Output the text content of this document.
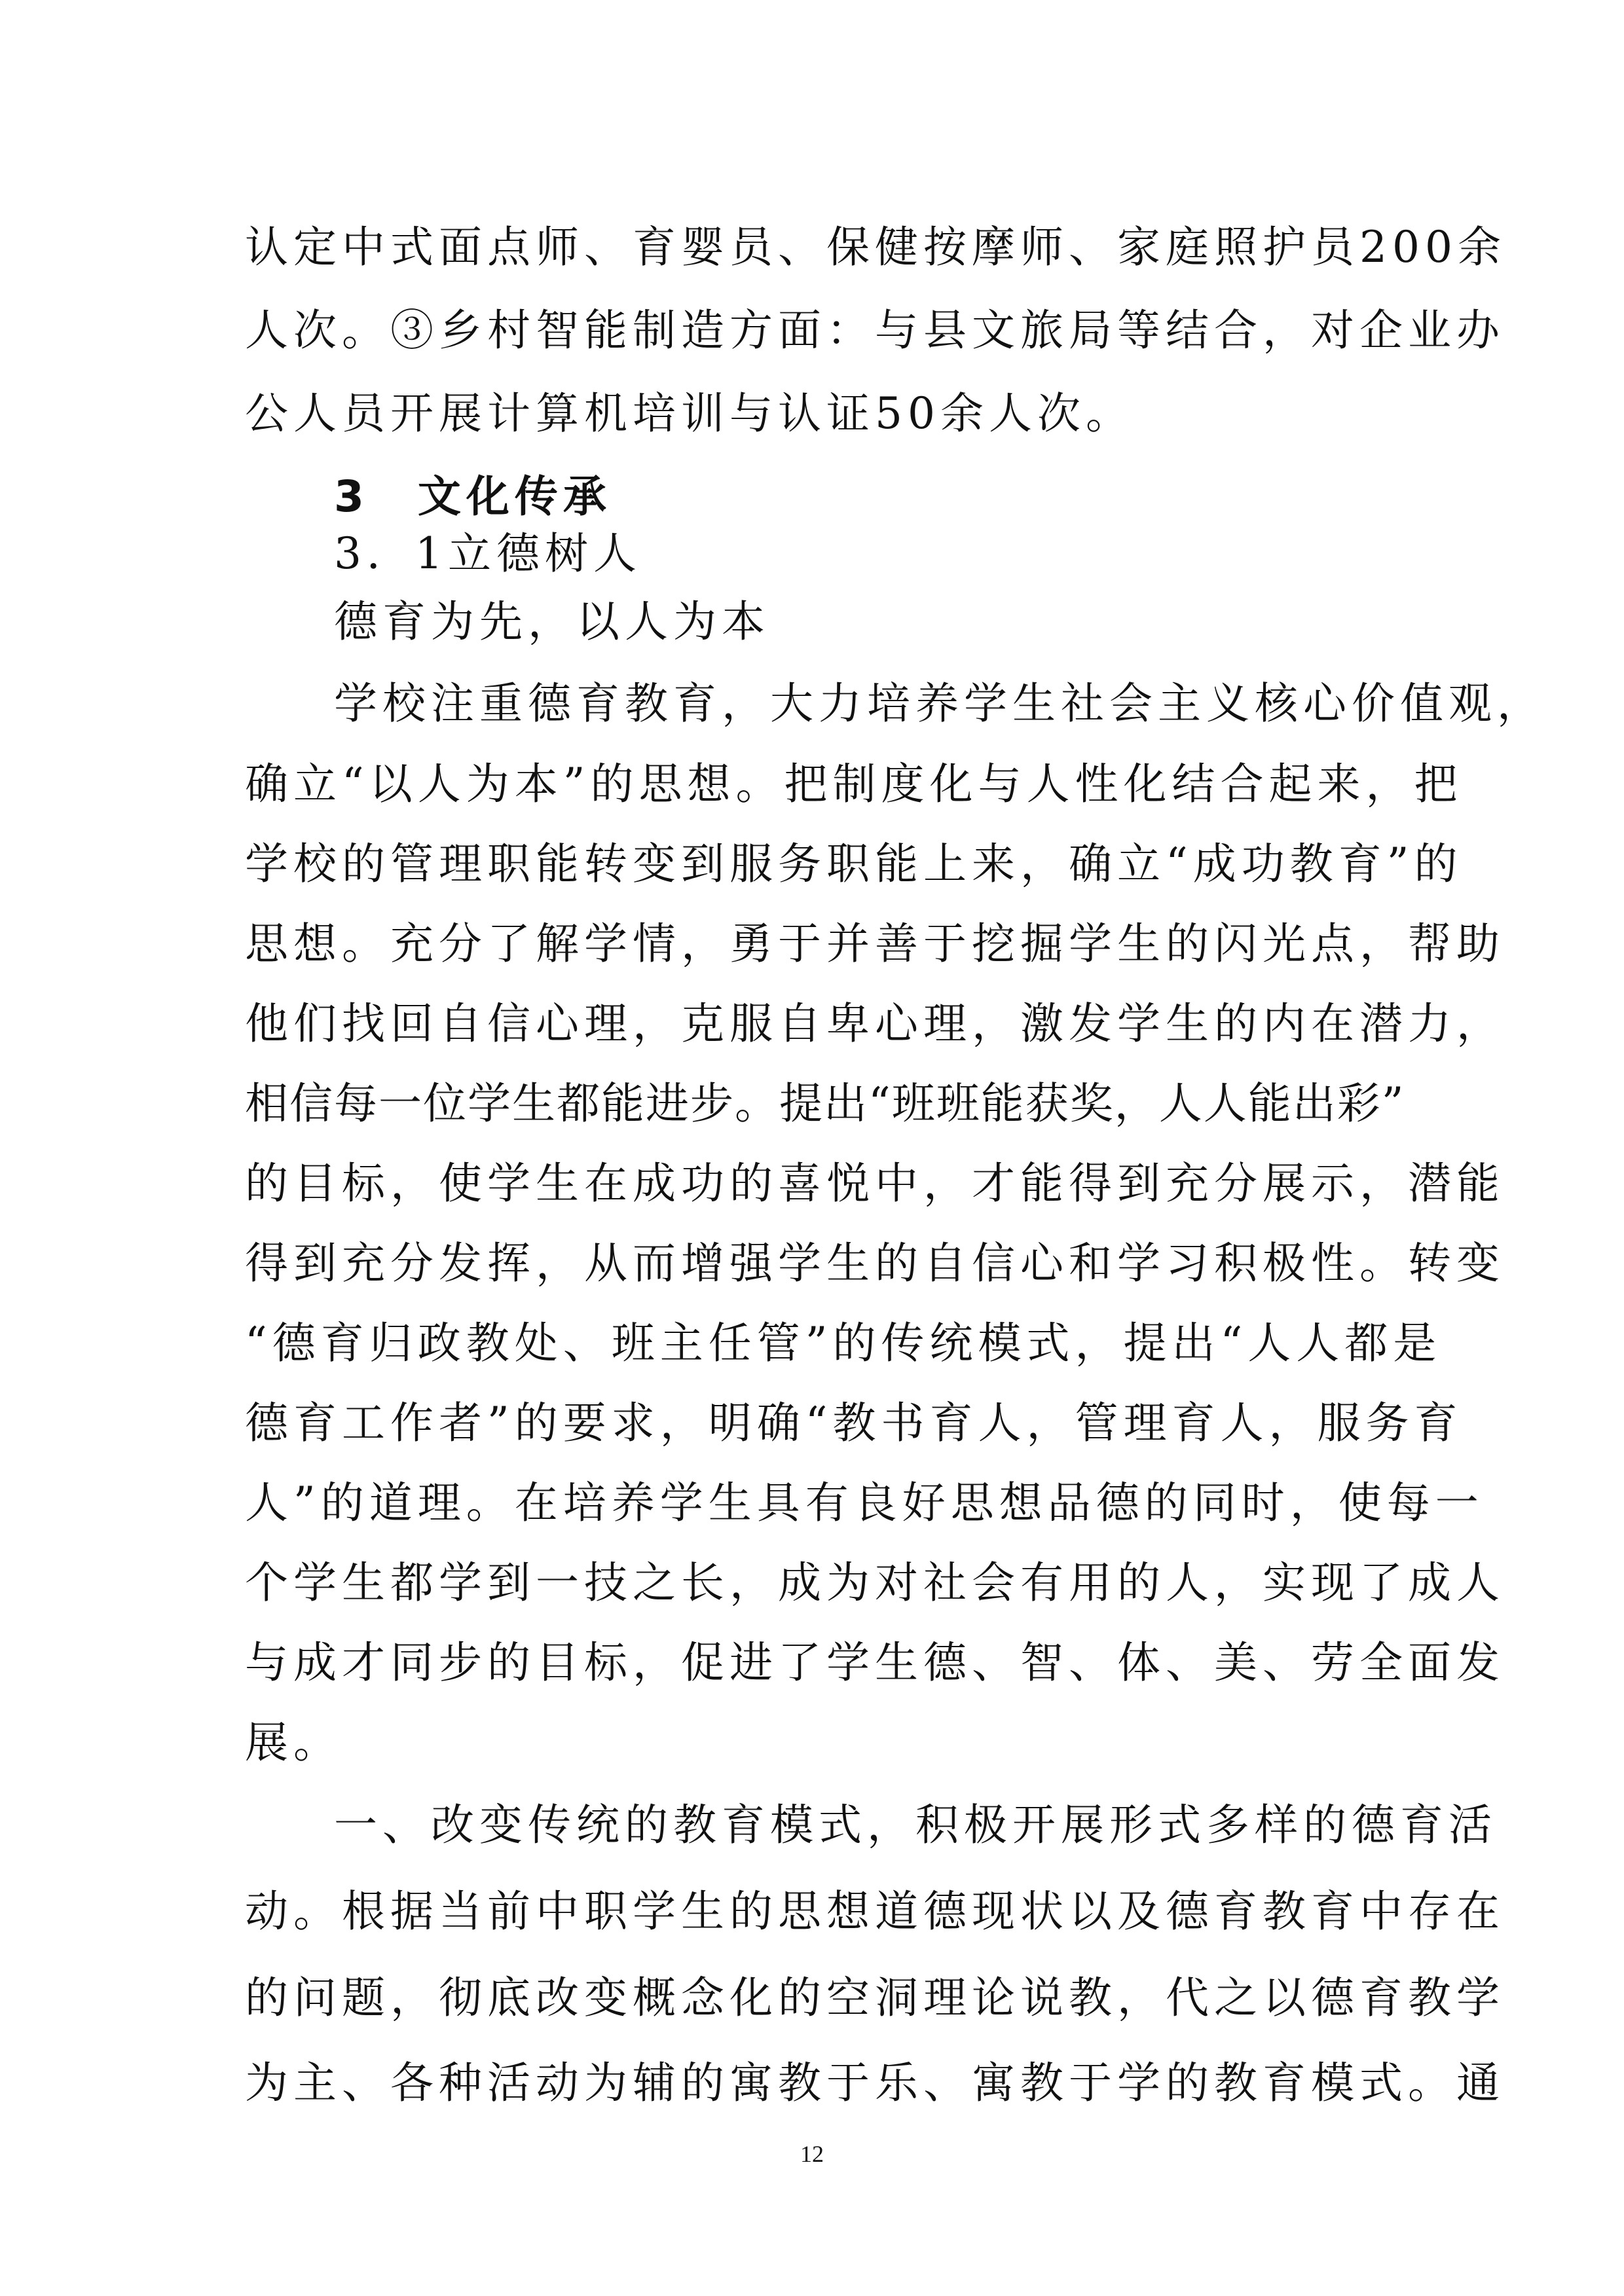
认定中式面点师、育婴员、保健按摩师、家庭照护员200余
人次。③乡村智能制造方面：与县文旅局等结合，对企业办
公人员开展计算机培训与认证50余人次。
3　文化传承
3．1立德树人
德育为先，以人为本
学校注重德育教育，大力培养学生社会主义核心价值观，
确立“以人为本”的思想。把制度化与人性化结合起来，把
学校的管理职能转变到服务职能上来，确立“成功教育”的
思想。充分了解学情，勇于并善于挖掘学生的闪光点，帮助
他们找回自信心理，克服自卑心理，激发学生的内在潜力，
相信每一位学生都能进步。提出“班班能获奖，人人能出彩”
的目标，使学生在成功的喜悦中，才能得到充分展示，潜能
得到充分发挥，从而增强学生的自信心和学习积极性。转变
“德育归政教处、班主任管”的传统模式，提出“人人都是
德育工作者”的要求，明确“教书育人，管理育人，服务育
人”的道理。在培养学生具有良好思想品德的同时，使每一
个学生都学到一技之长，成为对社会有用的人，实现了成人
与成才同步的目标，促进了学生德、智、体、美、劳全面发
展。
一、改变传统的教育模式，积极开展形式多样的德育活
动。根据当前中职学生的思想道德现状以及德育教育中存在
的问题，彻底改变概念化的空洞理论说教，代之以德育教学
为主、各种活动为辅的寓教于乐、寓教于学的教育模式。通
12
